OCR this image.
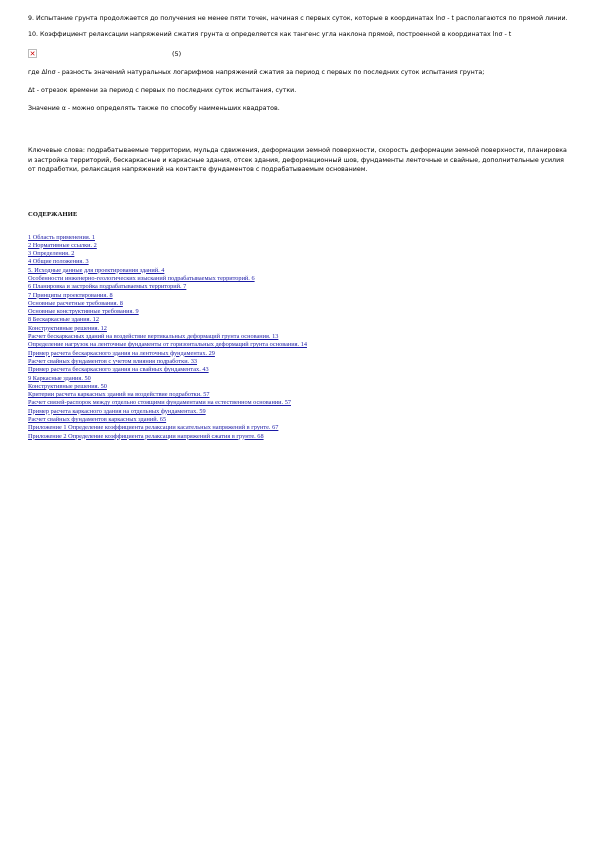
9. Испытание грунта продолжается до получения не менее пяти точек, начиная с первых суток, которые в координатах lnσ - t располагаются по прямой линии.

10. Коэффициент релаксации напряжений сжатия грунта α определяется как тангенс угла наклона прямой, построенной в координатах lnσ - t

✕	(5)

где Δlnσ - разность значений натуральных логарифмов напряжений сжатия за период с первых по последних суток испытания грунта;

Δt - отрезок времени за период с первых по последних суток испытания, сутки.

Значение α - можно определять также по способу наименьших квадратов.

Ключевые слова: подрабатываемые территории, мульда сдвижения, деформации земной поверхности, скорость деформации земной поверхности, планировка и застройка территорий, бескаркасные и каркасные здания, отсек здания, деформационный шов, фундаменты ленточные и свайные, дополнительные усилия от подработки, релаксация напряжений на контакте фундаментов с подрабатываемым основанием.

СОДЕРЖАНИЕ

1 Область применения. 1
2 Нормативные ссылки. 2
3 Определения. 2
4 Общие положения. 3
5. Исходные данные для проектирования зданий. 4
Особенности инженерно-геологических изысканий подрабатываемых территорий. 6
6 Планировка и застройка подрабатываемых территорий. 7
7 Принципы проектирования. 8
Основные расчетные требования. 8
Основные конструктивные требования. 9
8 Бескаркасные здания. 12
Конструктивные решения. 12
Расчет бескаркасных зданий на воздействие вертикальных деформаций грунта основания. 13
Определение нагрузок на ленточные фундаменты от горизонтальных деформаций грунта основания. 14
Пример расчета бескаркасного здания на ленточных фундаментах. 29
Расчет свайных фундаментов с учетом влияния подработки. 33
Пример расчета бескаркасного здания на свайных фундаментах. 43
9 Каркасные здания. 50
Конструктивные решения. 50
Критерии расчета каркасных зданий на воздействие подработки. 57
Расчет связей-распорок между отдельно стоящими фундаментами на естественном основании. 57
Пример расчета каркасного здания на отдельных фундаментах. 59
Расчет свайных фундаментов каркасных зданий. 65
Приложение 1 Определение коэффициента релаксации касательных напряжений в грунте. 67
Приложение 2 Определение коэффициента релаксации напряжений сжатия в грунте. 68
